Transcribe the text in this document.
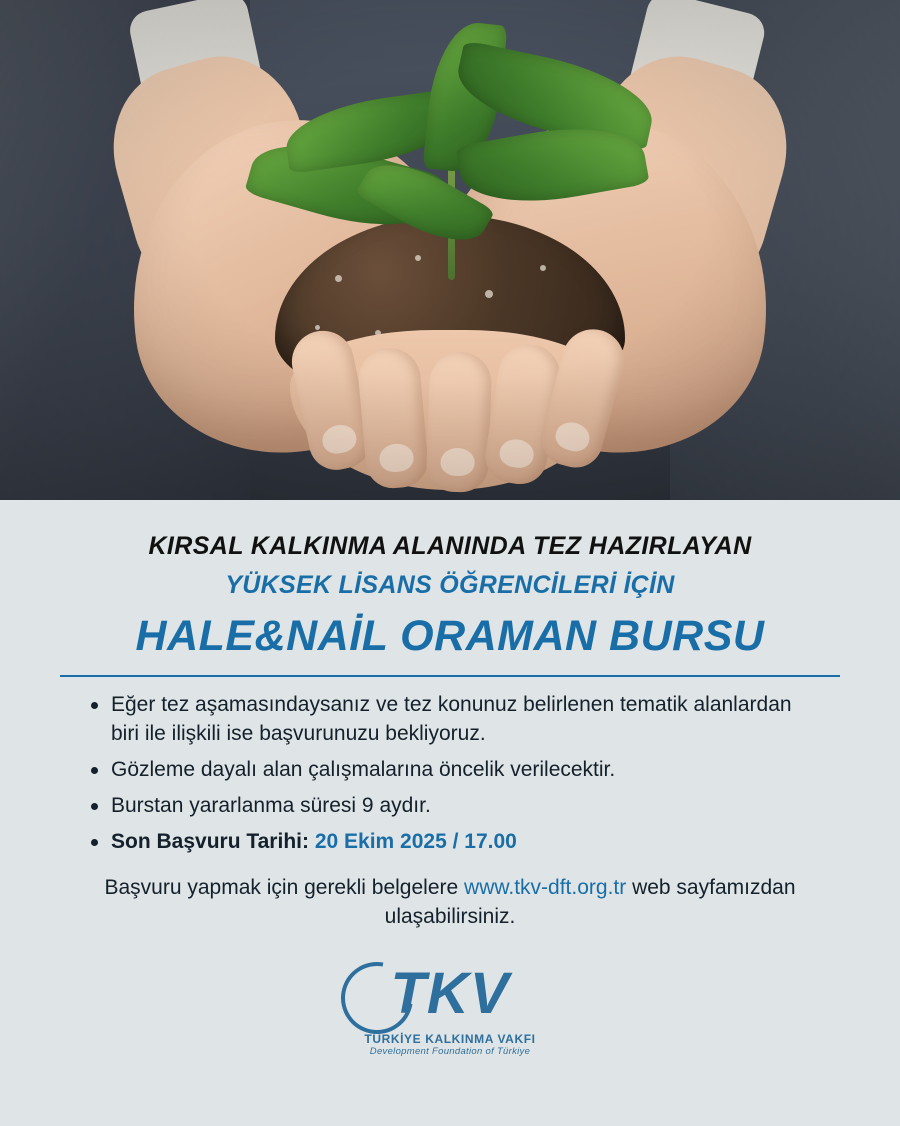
KIRSAL KALKINMA ALANINDA TEZ HAZIRLAYAN
YÜKSEK LİSANS ÖĞRENCİLERİ İÇİN
HALE&NAİL ORAMAN BURSU
Eğer tez aşamasındaysanız ve tez konunuz belirlenen tematik alanlardan biri ile ilişkili ise başvurunuzu bekliyoruz.
Gözleme dayalı alan çalışmalarına öncelik verilecektir.
Burstan yararlanma süresi 9 aydır.
Son Başvuru Tarihi: 20 Ekim 2025 / 17.00
Başvuru yapmak için gerekli belgelere www.tkv-dft.org.tr web sayfamızdan ulaşabilirsiniz.
TKV
TÜRKİYE KALKINMA VAKFI
Development Foundation of Türkiye
